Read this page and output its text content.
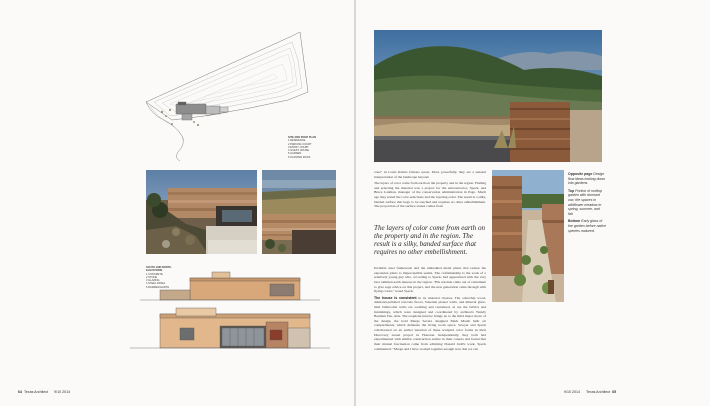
SITE AND ROOF PLAN
1 RESIDENCE
2 PARKING COURT
3 ENTRY COURT
4 GUEST HOUSE
5 GARDEN
6 PLANTED ROOF
SOUTH AND NORTH ELEVATIONS
1 CONCRETE
2 STONE
3 GLAZING
4 STEEL PANEL
5 RAMMED EARTH
64 Texas Architect 9/10 2014

crete" in Louis Kahn's famous quote. More powerfully, they are a sensual interpretation of the landscape beyond.

The layers of color come from earth on the property and in the region. Finding and selecting the material was a project for the subcontractor, Speck, and Bruce Lanthan, manager of the conservation administration in Pago. Much ago they tested the color selections and the layering order. The result is a silky, banded surface that begs to be touched and requires no other embellishment. The proportion of the surface stones comes from

The layers of color come from earth on the property and in the region. The result is a silky, banded surface that requires no other embellishment.

Invisible steel framework and the embedded metal plates that reduce the expansion joints to imperceptible seams. The craftsmanship is the work of a relatively young guy who, according to Speck, had apprenticed with the very best rammed-earth masons in the region. "His resolute came out of retirement to give sage advice on this project, and the new generation came through with flying colors," noted Speck.

The house is consistent in its material choices. The ochre/hip wood, diamond-polished concrete floors, Venetian plaster walls, and mineral glass-tiled bathrooms walls are soothing and restrained, as are the fabrics and furnishings, which were designed and coordinated by architects Wendy Bauman Tan, AIA. The exquisite interior brings us to the third major move of the design, the bold Marge Severe designed Mark Marsh built art compartments, which delineate the living room space. Sawyer and Speck collaborated on an earlier iteration of these sculpted color forms in their Discovery Green project in Houston. Independently, they both had experimented with similar construction earlier in their careers and found that their mutual fascination came from admiring Donald Judd's work. Speck commented: "Marge and I have worked together enough now that we can

Opposite page Design flow ideas looking down into gardens.

Top Portion of rooftop garden with dormant vac; the spaces in wildflower meadow in spring, summer, and fall.

Bottom Early glass of the garden before native species matured.

9/10 2014 Texas Architect 65
